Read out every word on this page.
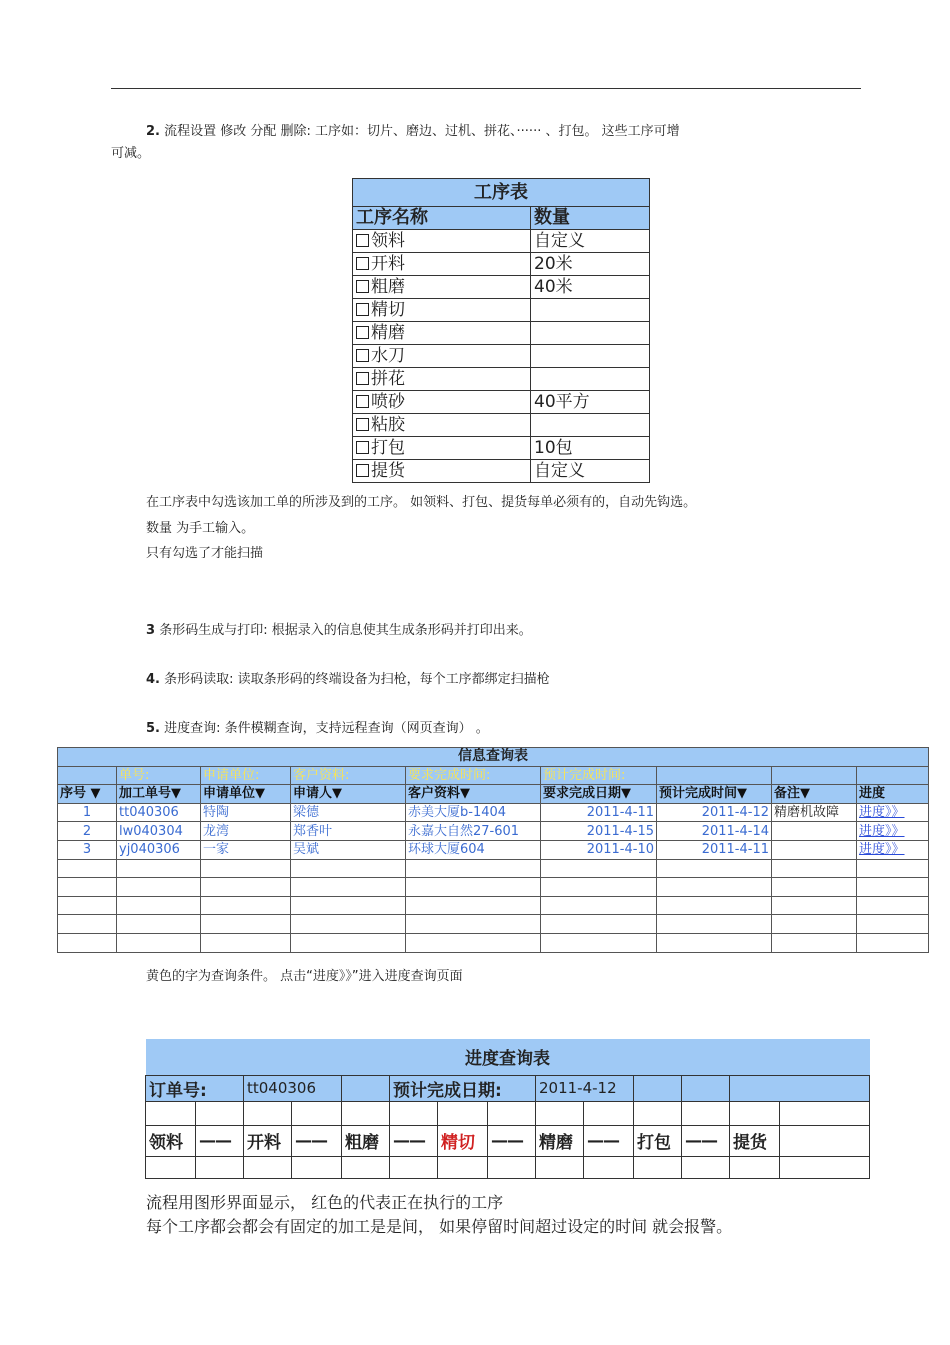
2. 流程设置 修改 分配 删除: 工序如：切片、磨边、过机、拼花、······ 、打包。 这些工序可增
可减。
工序表	
工序名称	数量
领料	自定义
开料	20米
粗磨	40米
精切	
精磨	
水刀	
拼花	
喷砂	40平方
粘胶	
打包	10包
提货	自定义
在工序表中勾选该加工单的所涉及到的工序。 如领料、打包、提货每单必须有的，自动先钩选。
数量 为手工输入。
只有勾选了才能扫描
3 条形码生成与打印: 根据录入的信息使其生成条形码并打印出来。
4. 条形码读取: 读取条形码的终端设备为扫枪，每个工序都绑定扫描枪
5. 进度查询: 条件模糊查询，支持远程查询（网页查询） 。
信息查询表								
	单号:	申请单位:	客户资料:	要求完成时间:	预计完成时间:			
序号 ▼	加工单号▼	申请单位▼	申请人▼	客户资料▼	要求完成日期▼	预计完成时间▼	备注▼	进度
1	tt040306	特陶	梁德	赤美大厦b-1404	2011-4-11	2011-4-12	精磨机故障	进度》》
2	lw040304	龙湾	郑香叶	永嘉大自然27-601	2011-4-15	2011-4-14		进度》》
3	yj040306	一家	吴斌	环球大厦604	2011-4-10	2011-4-11		进度》》

黄色的字为查询条件。 点击“进度》》”进入进度查询页面
进度查询表													
订单号:		tt040306			预计完成日期:			2011-4-12					

领料	——	开料	——	粗磨	——	精切	——	精磨	——	打包	——	提货	

流程用图形界面显示， 红色的代表正在执行的工序
每个工序都会都会有固定的加工是是间， 如果停留时间超过设定的时间 就会报警。
